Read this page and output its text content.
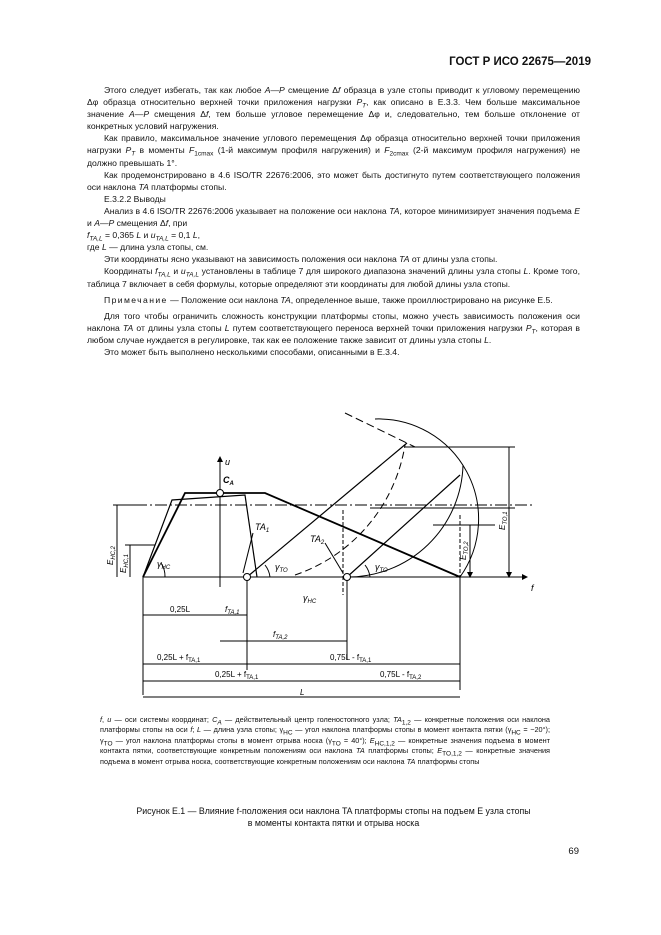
ГОСТ Р ИСО 22675—2019

Этого следует избегать, так как любое A—P смещение Δf образца в узле стопы приводит к угловому перемещению Δφ образца относительно верхней точки приложения нагрузки $P_T$, как описано в E.3.3. Чем больше максимальное значение A—P смещения Δf, тем больше угловое перемещение Δφ и, следовательно, тем больше отклонение от конкретных условий нагружения.

Как правило, максимальное значение углового перемещения Δφ образца относительно верхней точки приложения нагрузки $P_T$ в моменты $F_{1cmax}$ (1-й максимум профиля нагружения) и $F_{2cmax}$ (2-й максимум профиля нагружения) не должно превышать 1°.

Как продемонстрировано в 4.6 ISO/TR 22676:2006, это может быть достигнуто путем соответствующего положения оси наклона TA платформы стопы.

E.3.2.2 Выводы

Анализ в 4.6 ISO/TR 22676:2006 указывает на положение оси наклона TA, которое минимизирует значения подъема E и A—P смещения Δf, при

$f_{TA,L} = 0,365$ L и $u_{TA,L} = 0,1$ L,

где L — длина узла стопы, см.

Эти координаты ясно указывают на зависимость положения оси наклона TA от длины узла стопы.

Координаты $f_{TA,L}$ и $u_{TA,L}$ установлены в таблице 7 для широкого диапазона значений длины узла стопы L. Кроме того, таблица 7 включает в себя формулы, которые определяют эти координаты для любой длины узла стопы.

Примечание — Положение оси наклона TA, определенное выше, также проиллюстрировано на рисунке E.5.

Для того чтобы ограничить сложность конструкции платформы стопы, можно учесть зависимость положения оси наклона TA от длины узла стопы L путем соответствующего переноса верхней точки приложения нагрузки $P_T$, которая в любом случае нуждается в регулировке, так как ее положение также зависит от длины узла стопы L.

Это может быть выполнено несколькими способами, описанными в E.3.4.

u
f
$C_A$
$TA_1$
$TA_2$
$\gamma_{HC}$
$\gamma_{HC}$
$\gamma_{TO}$	$\gamma_{TO}$
$E_{HC,2}$
$E_{HC,1}$
$E_{TO,1}$
$E_{TO,2}$
0,25L	$f_{TA,1}$
$f_{TA,2}$
$0,25L + f_{TA,1}$	$0,75L - f_{TA,1}$
$0,25L + f_{TA,1}$	$0,75L - f_{TA,2}$
L
f, u — оси системы координат; $C_A$ — действительный центр голеностопного узла; $TA_{1,2}$ — конкретные положения оси наклона платформы стопы на оси f; L — длина узла стопы; $\gamma_{HC}$ — угол наклона платформы стопы в момент контакта пятки $(\gamma_{HC} = -20^\circ)$; $\gamma_{TO}$ — угол наклона платформы стопы в момент отрыва носка $(\gamma_{TO} = 40^\circ)$; $E_{HC,1,2}$ — конкретные значения подъема в момент контакта пятки, соответствующие конкретным положениям оси наклона TA платформы стопы; $E_{TO,1,2}$ — конкретные значения подъема в момент отрыва носка, соответствующие конкретным положениям оси наклона TA платформы стопы
Рисунок E.1 — Влияние f-положения оси наклона TA платформы стопы на подъем E узла стопы
в моменты контакта пятки и отрыва носка
69
